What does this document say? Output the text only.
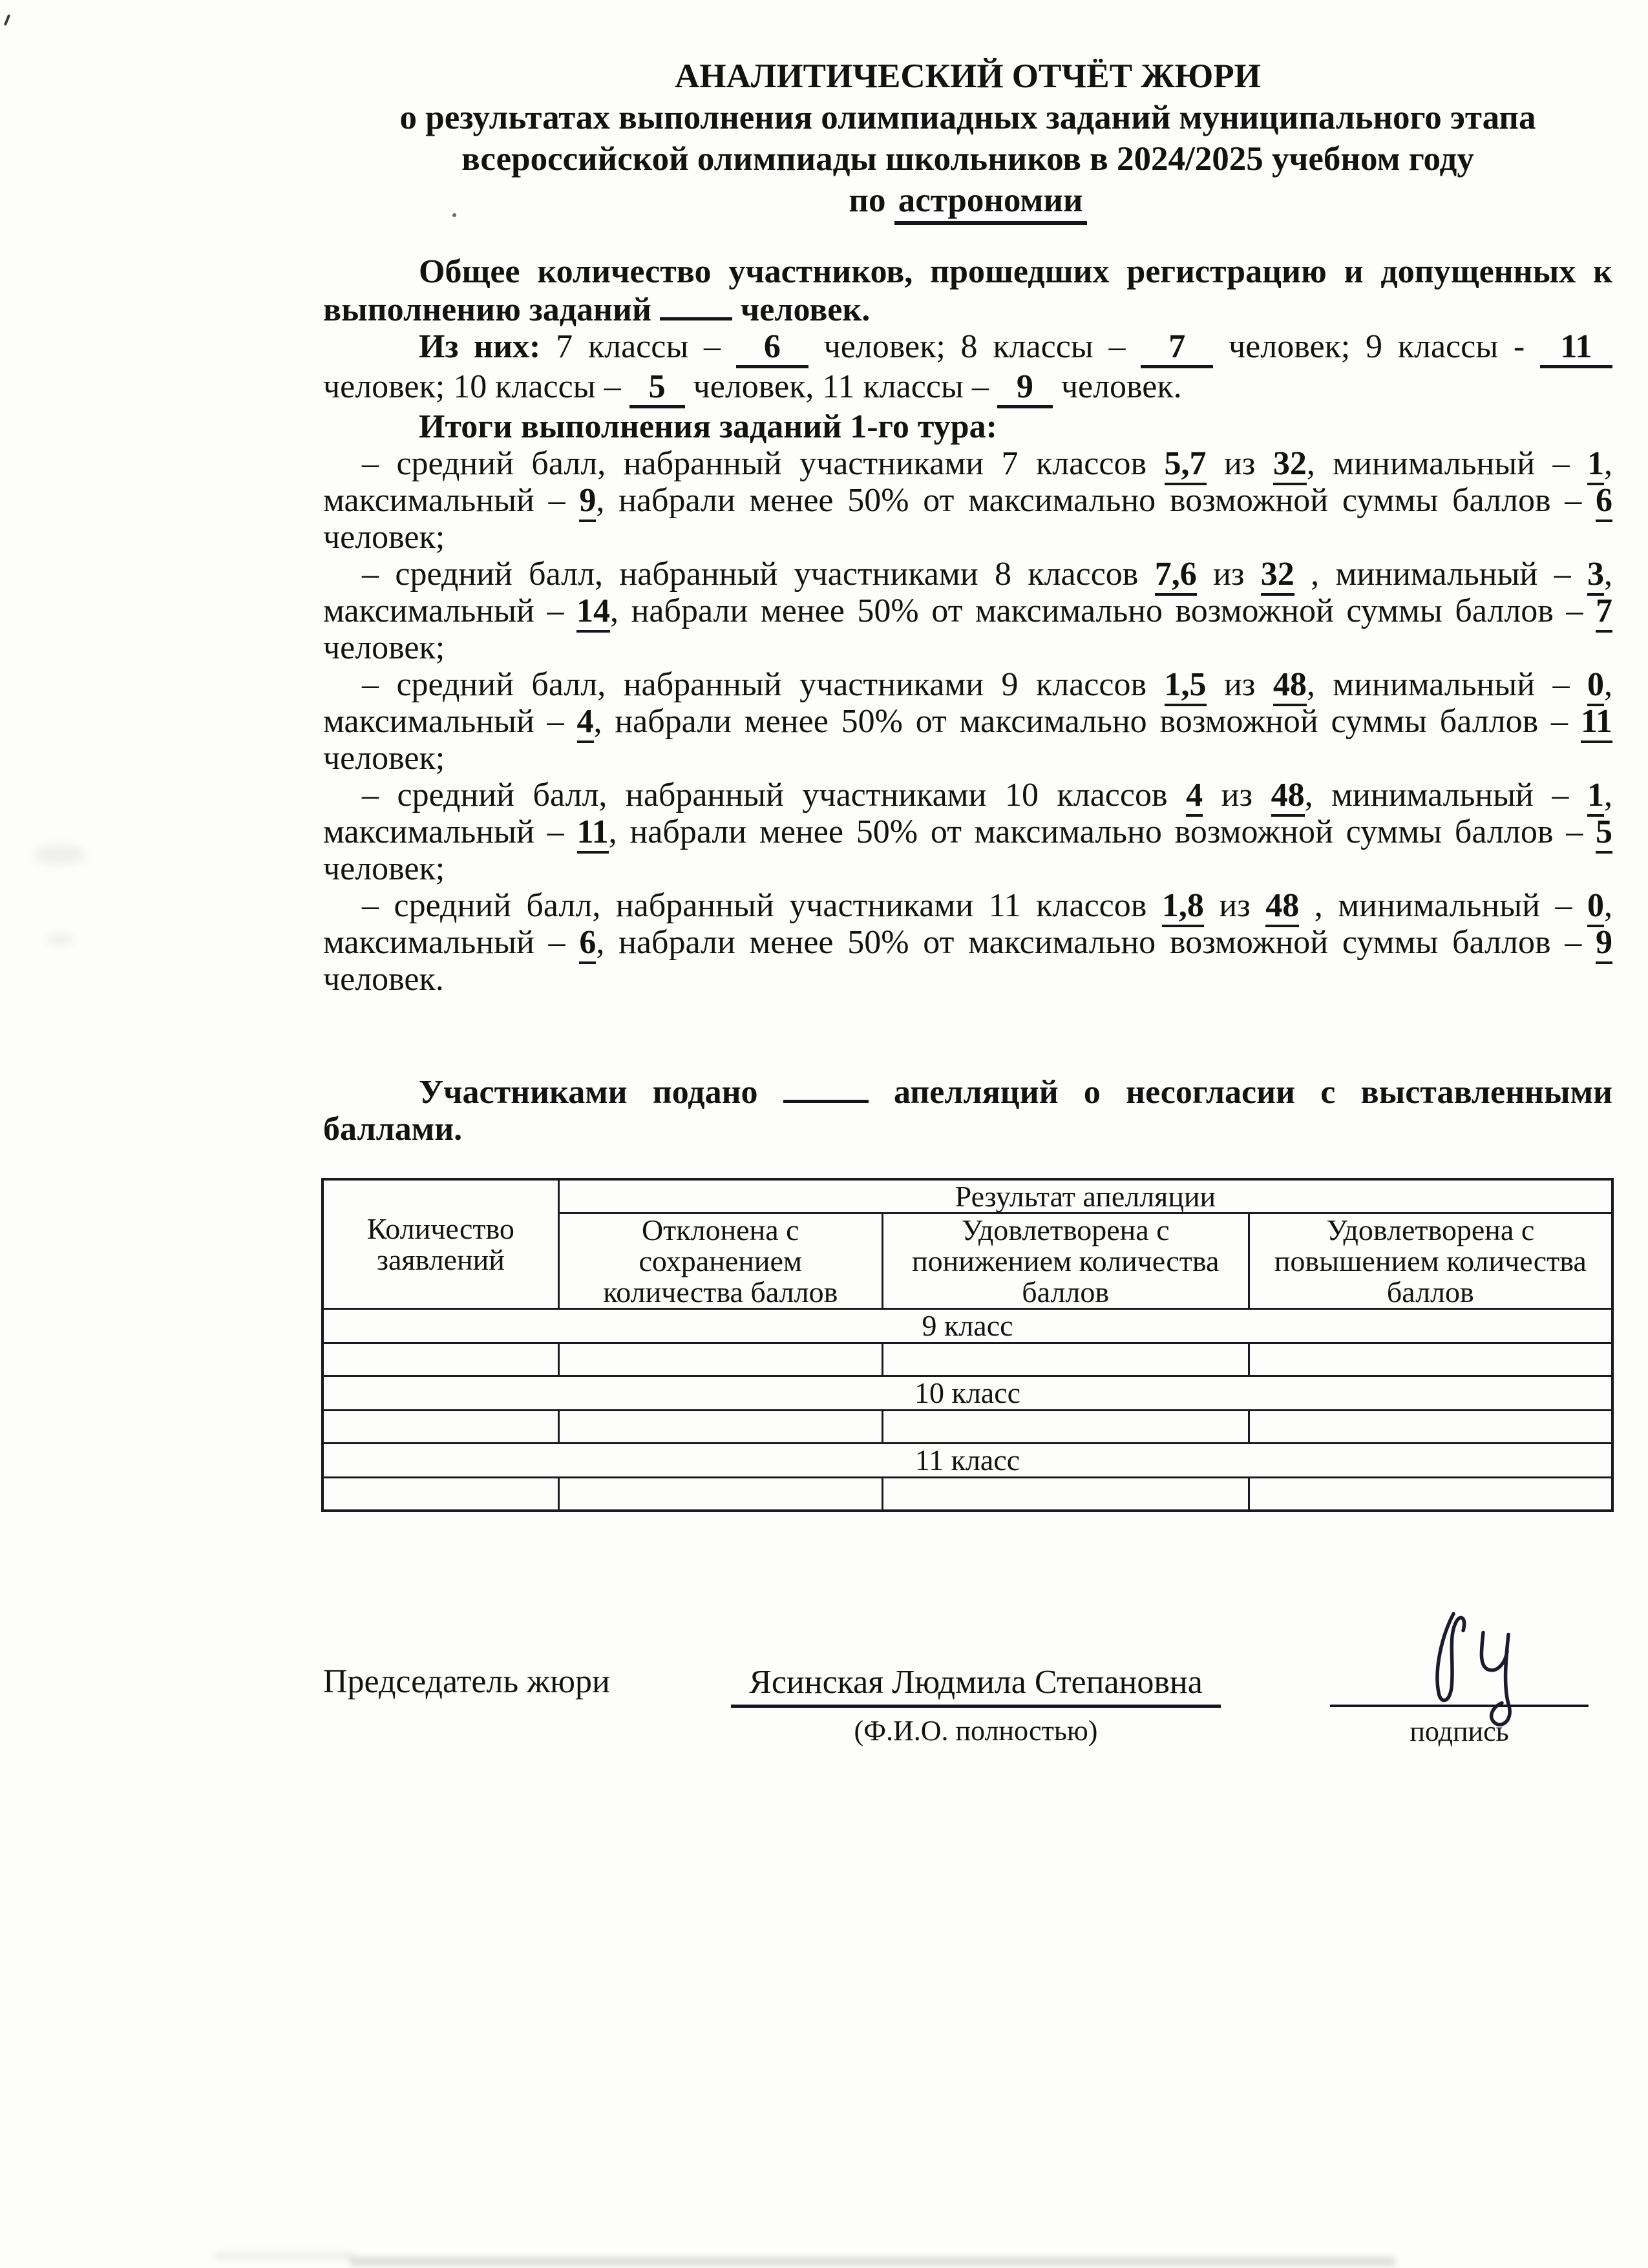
АНАЛИТИЧЕСКИЙ ОТЧЁТ ЖЮРИ
о результатах выполнения олимпиадных заданий муниципального этапа
всероссийской олимпиады школьников в 2024/2025 учебном году
по астрономии

Общее количество участников, прошедших регистрацию и допущенных к выполнению заданий	человек.

Из них: 7 классы – 6 человек; 8 классы – 7 человек; 9 классы - 11 человек; 10 классы – 5 человек, 11 классы – 9 человек.

Итоги выполнения заданий 1-го тура:

– средний балл, набранный участниками 7 классов 5,7 из 32, минимальный – 1, максимальный – 9, набрали менее 50% от максимально возможной суммы баллов – 6 человек;

– средний балл, набранный участниками 8 классов 7,6 из 32 , минимальный – 3, максимальный – 14, набрали менее 50% от максимально возможной суммы баллов – 7 человек;

– средний балл, набранный участниками 9 классов 1,5 из 48, минимальный – 0, максимальный – 4, набрали менее 50% от максимально возможной суммы баллов – 11 человек;

– средний балл, набранный участниками 10 классов 4 из 48, минимальный – 1, максимальный – 11, набрали менее 50% от максимально возможной суммы баллов – 5 человек;

– средний балл, набранный участниками 11 классов 1,8 из 48 , минимальный – 0, максимальный – 6, набрали менее 50% от максимально возможной суммы баллов – 9 человек.

Участниками подано	апелляций о несогласии с выставленными баллами.

Количество заявлений	Результат апелляции		
	Отклонена с сохранением количества баллов	Удовлетворена с понижением количества баллов	Удовлетворена с повышением количества баллов
9 класс			

10 класс			

11 класс			

Председатель жюри	Ясинская Людмила Степановна
(Ф.И.О. полностью)	подпись
